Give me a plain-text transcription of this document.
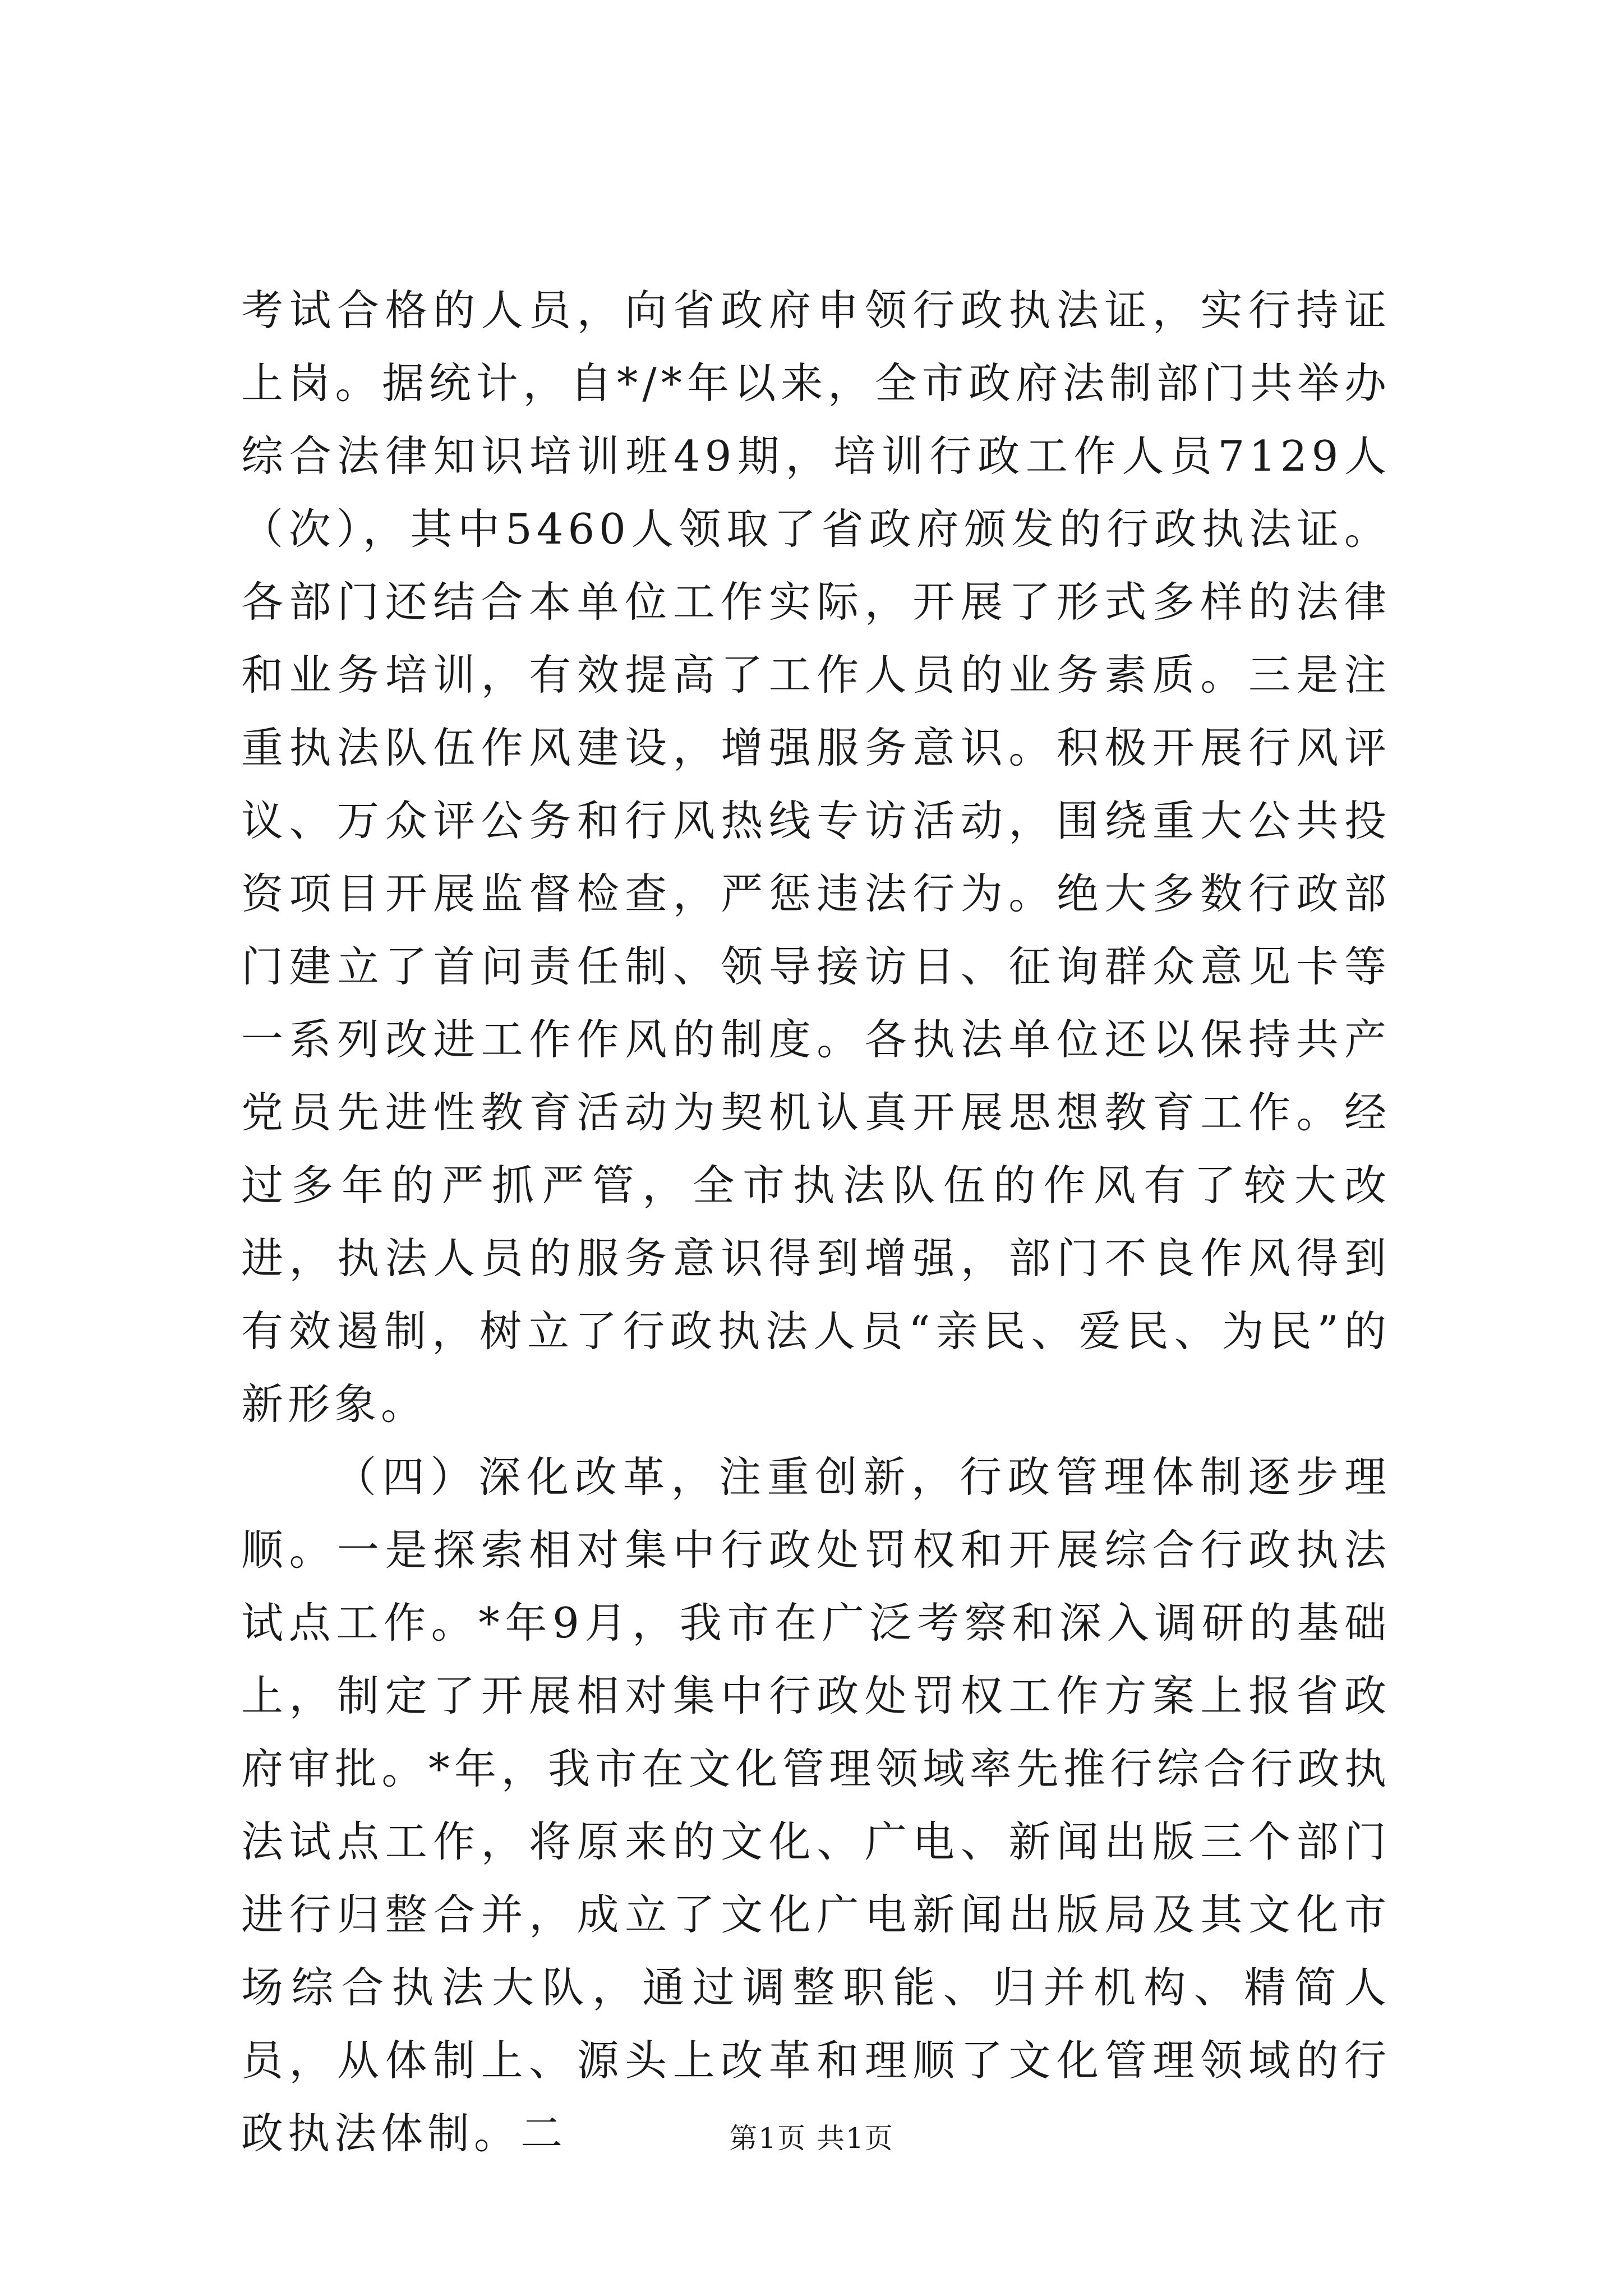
考试合格的人员，向省政府申领行政执法证，实行持证上岗。据统计，自*/*年以来，全市政府法制部门共举办综合法律知识培训班49期，培训行政工作人员7129人（次），其中5460人领取了省政府颁发的行政执法证。各部门还结合本单位工作实际，开展了形式多样的法律和业务培训，有效提高了工作人员的业务素质。三是注重执法队伍作风建设，增强服务意识。积极开展行风评议、万众评公务和行风热线专访活动，围绕重大公共投资项目开展监督检查，严惩违法行为。绝大多数行政部门建立了首问责任制、领导接访日、征询群众意见卡等一系列改进工作作风的制度。各执法单位还以保持共产党员先进性教育活动为契机认真开展思想教育工作。经过多年的严抓严管，全市执法队伍的作风有了较大改进，执法人员的服务意识得到增强，部门不良作风得到有效遏制，树立了行政执法人员“亲民、爱民、为民”的新形象。

（四）深化改革，注重创新，行政管理体制逐步理顺。一是探索相对集中行政处罚权和开展综合行政执法试点工作。*年9月，我市在广泛考察和深入调研的基础上，制定了开展相对集中行政处罚权工作方案上报省政府审批。*年，我市在文化管理领域率先推行综合行政执法试点工作，将原来的文化、广电、新闻出版三个部门进行归整合并，成立了文化广电新闻出版局及其文化市场综合执法大队，通过调整职能、归并机构、精简人员，从体制上、源头上改革和理顺了文化管理领域的行政执法体制。二	第1页 共1页
